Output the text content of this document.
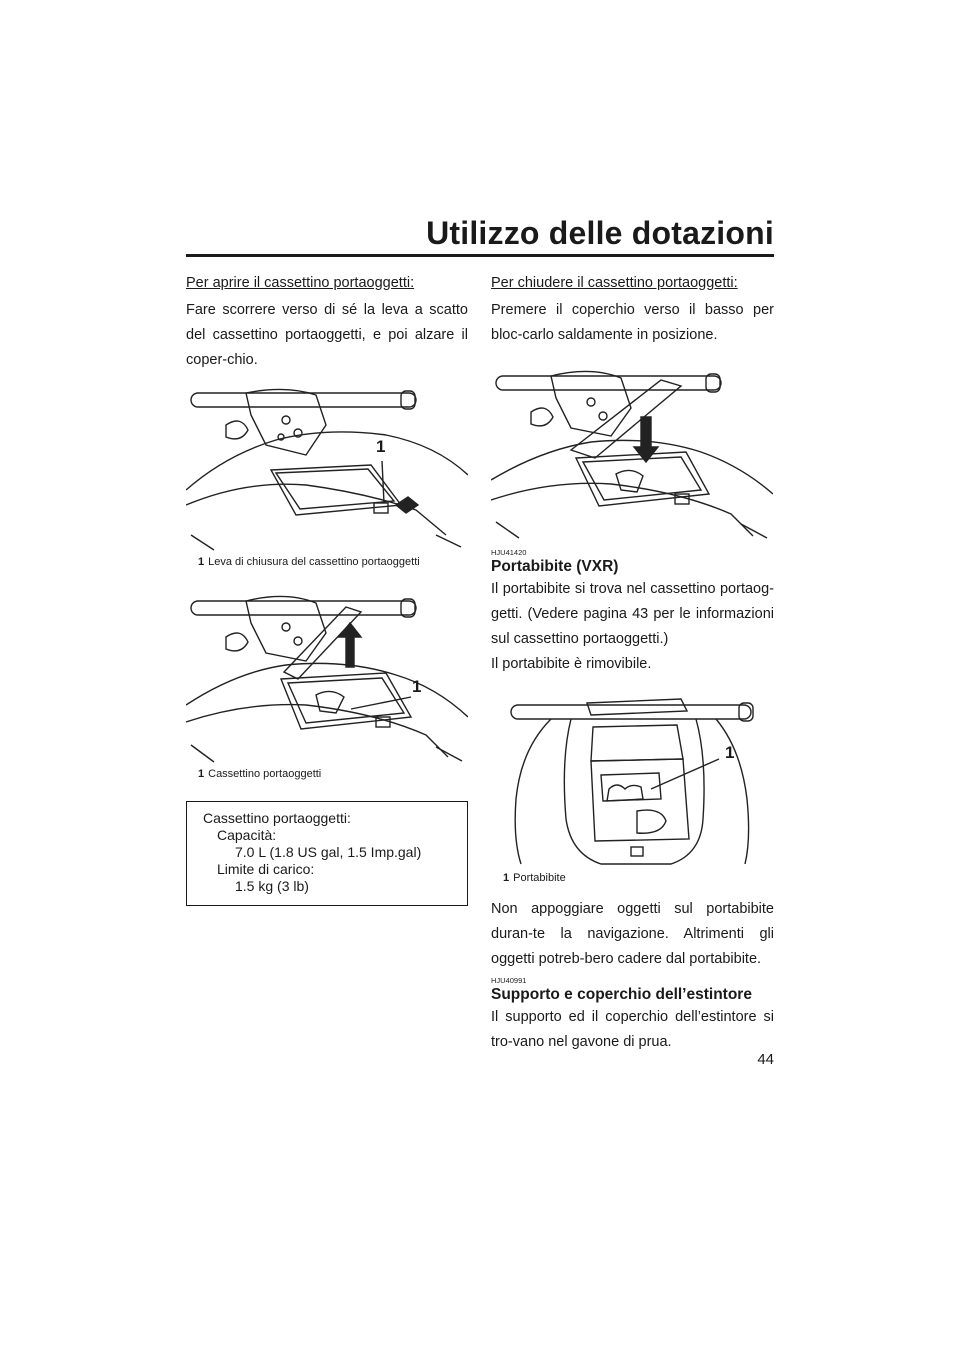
Utilizzo delle dotazioni

Per aprire il cassettino portaoggetti:

Fare scorrere verso di sé la leva a scatto del cassettino portaoggetti, e poi alzare il coper-chio.

1
1 Leva di chiusura del cassettino portaoggetti
1
1 Cassettino portaoggetti
Cassettino portaoggetti:
Capacità:
7.0 L (1.8 US gal, 1.5 Imp.gal)
Limite di carico:
1.5 kg (3 lb)

Per chiudere il cassettino portaoggetti:

Premere il coperchio verso il basso per bloc-carlo saldamente in posizione.

HJU41420

Portabibite (VXR)

Il portabibite si trova nel cassettino portaog-getti. (Vedere pagina 43 per le informazioni sul cassettino portaoggetti.)

Il portabibite è rimovibile.

1
1 Portabibite

Non appoggiare oggetti sul portabibite duran-te la navigazione. Altrimenti gli oggetti potreb-bero cadere dal portabibite.

HJU40991

Supporto e coperchio dell’estintore

Il supporto ed il coperchio dell’estintore si tro-vano nel gavone di prua.

44
